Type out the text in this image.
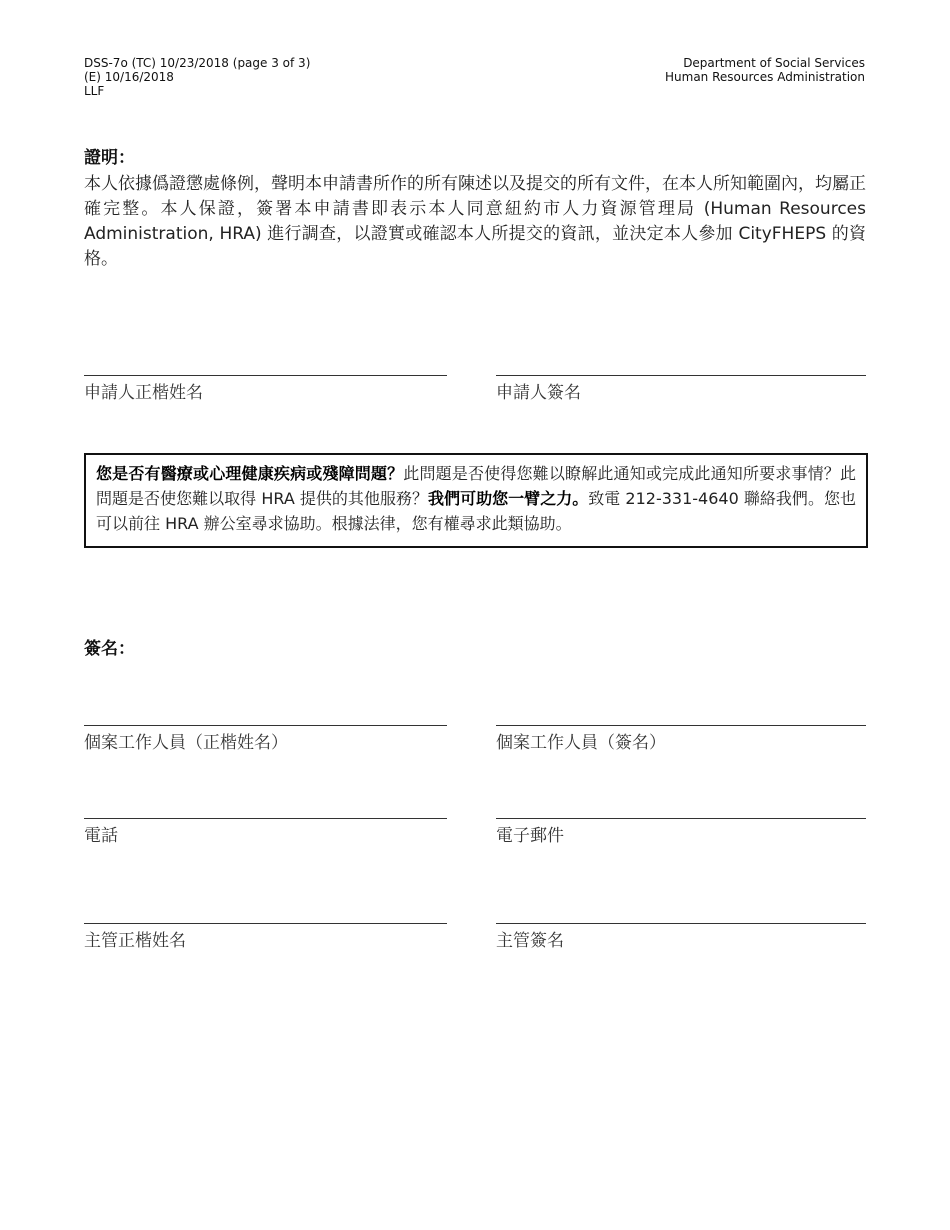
DSS-7o (TC) 10/23/2018 (page 3 of 3)
(E) 10/16/2018
LLF
Department of Social Services
Human Resources Administration
證明：
本人依據僞證懲處條例，聲明本申請書所作的所有陳述以及提交的所有文件，在本人所知範圍內，均屬正確完整。本人保證，簽署本申請書即表示本人同意紐約市人力資源管理局 (Human Resources Administration, HRA) 進行調查，以證實或確認本人所提交的資訊，並決定本人參加 CityFHEPS 的資格。
申請人正楷姓名	申請人簽名
您是否有醫療或心理健康疾病或殘障問題？此問題是否使得您難以瞭解此通知或完成此通知所要求事情？此問題是否使您難以取得 HRA 提供的其他服務？我們可助您一臂之力。致電 212-331-4640 聯絡我們。您也可以前往 HRA 辦公室尋求協助。根據法律，您有權尋求此類協助。
簽名：
個案工作人員（正楷姓名）	個案工作人員（簽名）
電話	電子郵件
主管正楷姓名	主管簽名
